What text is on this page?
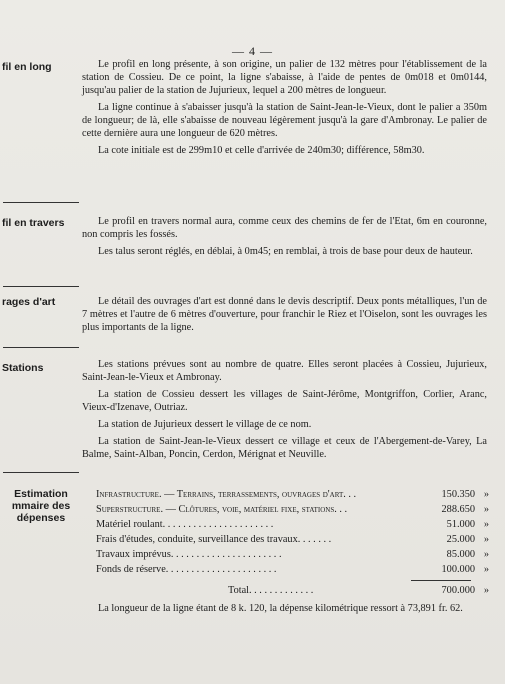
— 4 —
fil en long	Le profil en long présente, à son origine, un palier de 132 mètres pour l'établissement de la station de Cossieu. De ce point, la ligne s'abaisse, à l'aide de pentes de 0m018 et 0m0144, jusqu'au palier de la station de Jujurieux, lequel a 200 mètres de longueur.

La ligne continue à s'abaisser jusqu'à la station de Saint-Jean-le-Vieux, dont le palier a 350m de longueur; de là, elle s'abaisse de nouveau légèrement jusqu'à la gare d'Ambronay. Le palier de cette dernière aura une longueur de 620 mètres.

La cote initiale est de 299m10 et celle d'arrivée de 240m30; différence, 58m30.

fil en travers	Le profil en travers normal aura, comme ceux des chemins de fer de l'Etat, 6m en couronne, non compris les fossés.

Les talus seront réglés, en déblai, à 0m45; en remblai, à trois de base pour deux de hauteur.

rages d'art	Le détail des ouvrages d'art est donné dans le devis descriptif. Deux ponts métalliques, l'un de 7 mètres et l'autre de 6 mètres d'ouverture, pour franchir le Riez et l'Oiselon, sont les ouvrages les plus importants de la ligne.

Stations	Les stations prévues sont au nombre de quatre. Elles seront placées à Cossieu, Jujurieux, Saint-Jean-le-Vieux et Ambronay.

La station de Cossieu dessert les villages de Saint-Jérôme, Montgriffon, Corlier, Aranc, Vieux-d'Izenave, Outriaz.

La station de Jujurieux dessert le village de ce nom.

La station de Saint-Jean-le-Vieux dessert ce village et ceux de l'Abergement-de-Varey, La Balme, Saint-Alban, Poncin, Cerdon, Mérignat et Neuville.

Estimation
mmaire des
dépenses
Infrastructure. — Terrains, terrassements, ouvrages d'art. . .	150.350 »
Superstructure. — Clôtures, voie, matériel fixe, stations. . .	288.650 »
Matériel roulant. . . . . . . . . . . . . . . . . . . . . .	51.000 »
Frais d'études, conduite, surveillance des travaux. . . . . . .	25.000 »
Travaux imprévus. . . . . . . . . . . . . . . . . . . . . .	85.000 »
Fonds de réserve. . . . . . . . . . . . . . . . . . . . . .	100.000 »
Total. . . . . . . . . . . . .	700.000 »

La longueur de la ligne étant de 8 k. 120, la dépense kilométrique ressort à 73,891 fr. 62.
